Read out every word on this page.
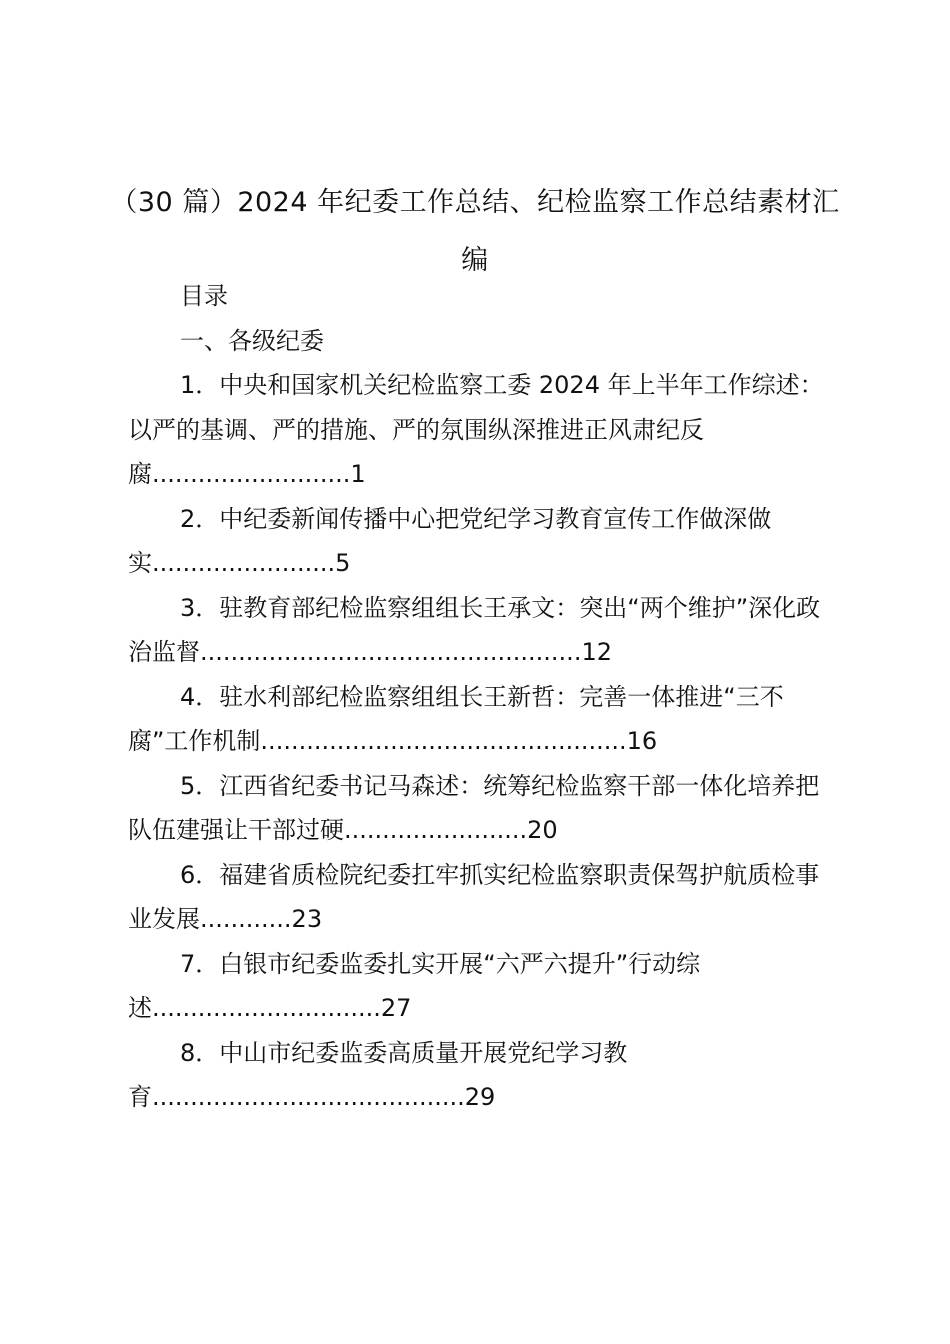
（30 篇）2024 年纪委工作总结、纪检监察工作总结素材汇编

目录

一、各级纪委

1．中央和国家机关纪检监察工委 2024 年上半年工作综述：以严的基调、严的措施、严的氛围纵深推进正风肃纪反腐..........................1

2．中纪委新闻传播中心把党纪学习教育宣传工作做深做实........................5

3．驻教育部纪检监察组组长王承文：突出“两个维护”深化政治监督..................................................12

4．驻水利部纪检监察组组长王新哲：完善一体推进“三不腐”工作机制................................................16

5．江西省纪委书记马森述：统筹纪检监察干部一体化培养把队伍建强让干部过硬........................20

6．福建省质检院纪委扛牢抓实纪检监察职责保驾护航质检事业发展............23

7．白银市纪委监委扎实开展“六严六提升”行动综述..............................27

8．中山市纪委监委高质量开展党纪学习教育.........................................29
